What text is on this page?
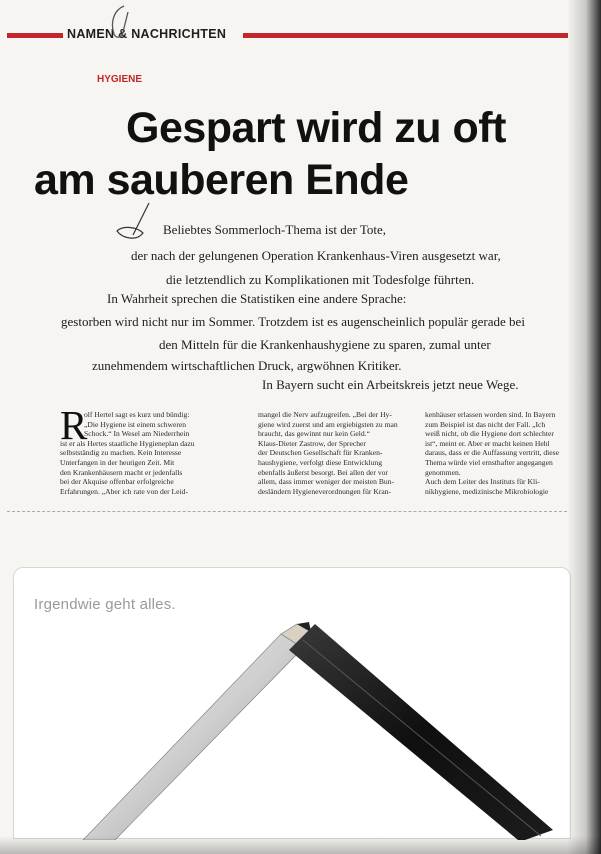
NAMEN & NACHRICHTEN
HYGIENE
Gespart wird zu oft
am sauberen Ende
Beliebtes Sommerloch-Thema ist der Tote,
der nach der gelungenen Operation Krankenhaus-Viren ausgesetzt war,
die letztendlich zu Komplikationen mit Todesfolge führten.
In Wahrheit sprechen die Statistiken eine andere Sprache:
gestorben wird nicht nur im Sommer. Trotzdem ist es augenscheinlich populär gerade bei
den Mitteln für die Krankenhaushygiene zu sparen, zumal unter
zunehmendem wirtschaftlichen Druck, argwöhnen Kritiker.
In Bayern sucht ein Arbeitskreis jetzt neue Wege.
R

olf Hertel sagt es kurz und bündig:

„Die Hygiene ist einem schweren

Schock.“ In Wesel am Niederrhein

ist er als Hertes staatliche Hygieneplan dazu

selbstständig zu machen. Kein Interesse

Unterfangen in der heutigen Zeit. Mit

den Krankenhäusern macht er jedenfalls

bei der Akquise offenbar erfolgreiche

Erfahrungen. „Aber ich rate von der Leid-

mangel die Nerv aufzugreifen. „Bei der Hy-

giene wird zuerst und am ergiebigsten zu man

braucht, das gewinnt nur kein Geld.“

Klaus-Dieter Zastrow, der Sprecher

der Deutschen Gesellschaft für Kranken-

haushygiene, verfolgt diese Entwicklung

ebenfalls äußerst besorgt. Bei allen der vor

allem, dass immer weniger der meisten Bun-

desländern Hygieneverordnungen für Kran-

kenhäuser erlassen worden sind. In Bayern

zum Beispiel ist das nicht der Fall. „Ich

weiß nicht, ob die Hygiene dort schlechter

ist“, meint er. Aber er macht keinen Hehl

daraus, dass er die Auffassung vertritt, diese

Thema würde viel ernsthafter angegangen

genommen.

Auch dem Leiter des Instituts für Kli-

nikhygiene, medizinische Mikrobiologie

Irgendwie geht alles.
